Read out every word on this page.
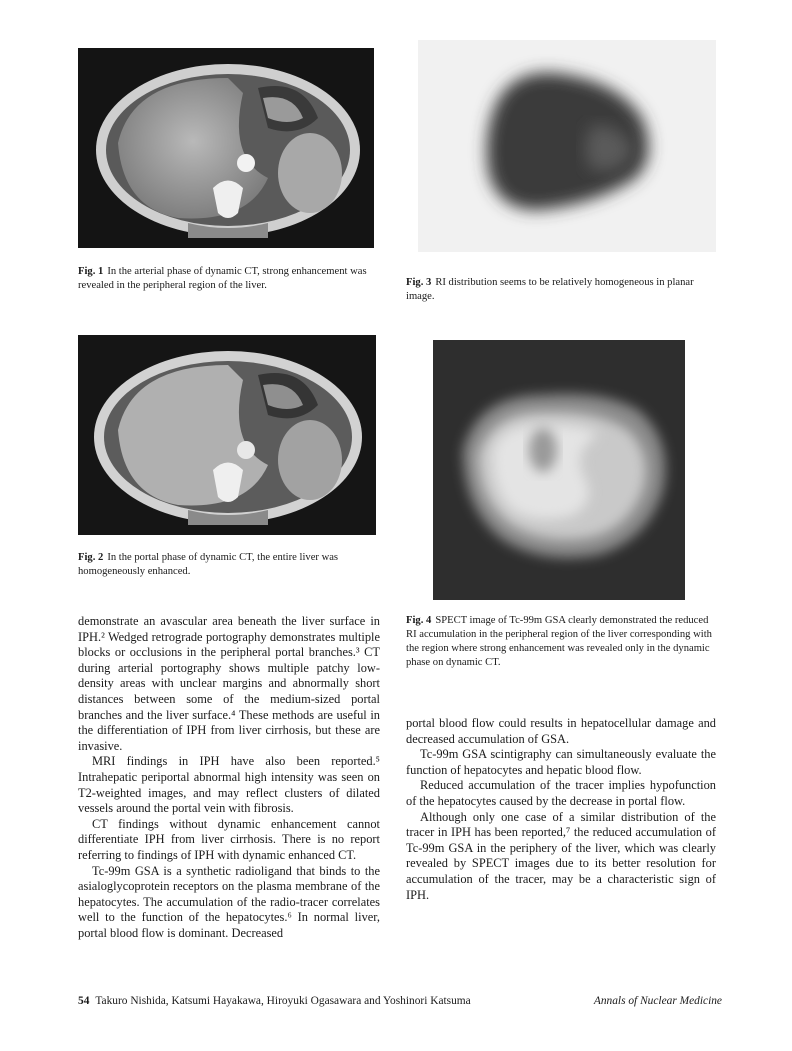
Fig. 1 In the arterial phase of dynamic CT, strong enhancement was revealed in the peripheral region of the liver.	Fig. 3 RI distribution seems to be relatively homogeneous in planar image.

Fig. 2 In the portal phase of dynamic CT, the entire liver was homogeneously enhanced.

Fig. 4 SPECT image of Tc-99m GSA clearly demonstrated the reduced RI accumulation in the peripheral region of the liver corresponding with the region where strong enhancement was revealed only in the dynamic phase on dynamic CT.

demonstrate an avascular area beneath the liver surface in IPH.² Wedged retrograde portography demonstrates multiple blocks or occlusions in the peripheral portal branches.³ CT during arterial portography shows multiple patchy low-density areas with unclear margins and abnormally short distances between some of the medium-sized portal branches and the liver surface.⁴ These methods are useful in the differentiation of IPH from liver cirrhosis, but these are invasive.

MRI findings in IPH have also been reported.⁵ Intrahepatic periportal abnormal high intensity was seen on T2-weighted images, and may reflect clusters of dilated vessels around the portal vein with fibrosis.

CT findings without dynamic enhancement cannot differentiate IPH from liver cirrhosis. There is no report referring to findings of IPH with dynamic enhanced CT.

Tc-99m GSA is a synthetic radioligand that binds to the asialoglycoprotein receptors on the plasma membrane of the hepatocytes. The accumulation of the radio-tracer correlates well to the function of the hepatocytes.⁶ In normal liver, portal blood flow is dominant. Decreased

portal blood flow could results in hepatocellular damage and decreased accumulation of GSA.

Tc-99m GSA scintigraphy can simultaneously evaluate the function of hepatocytes and hepatic blood flow.

Reduced accumulation of the tracer implies hypofunction of the hepatocytes caused by the decrease in portal flow.

Although only one case of a similar distribution of the tracer in IPH has been reported,⁷ the reduced accumulation of Tc-99m GSA in the periphery of the liver, which was clearly revealed by SPECT images due to its better resolution for accumulation of the tracer, may be a characteristic sign of IPH.

54 Takuro Nishida, Katsumi Hayakawa, Hiroyuki Ogasawara and Yoshinori Katsuma	Annals of Nuclear Medicine
